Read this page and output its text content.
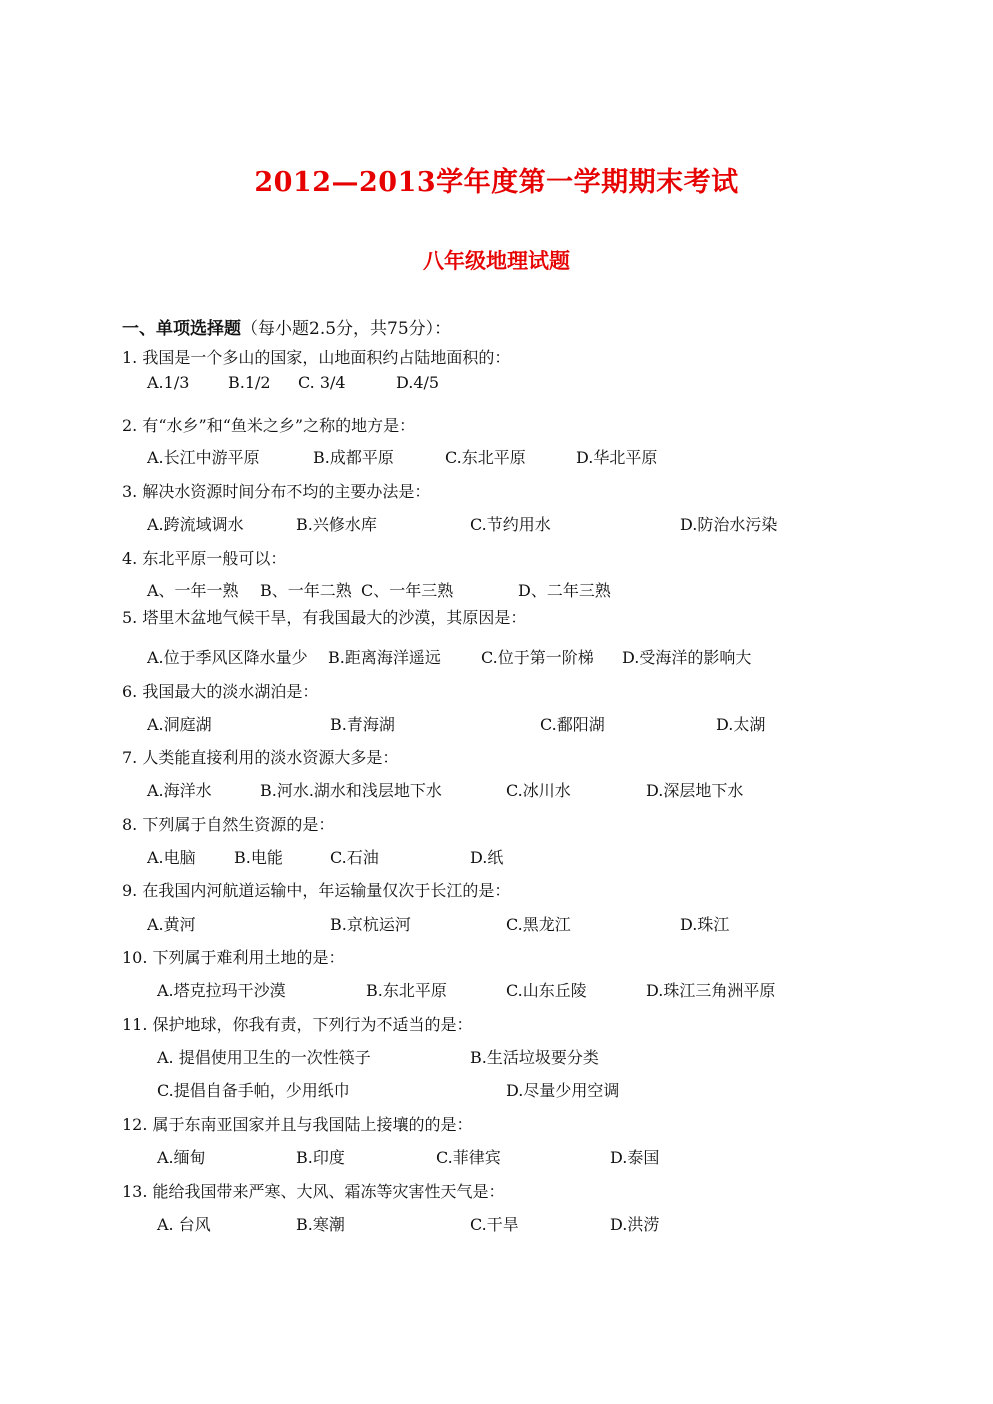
2012—2013学年度第一学期期末考试
八年级地理试题
一、单项选择题（每小题2.5分，共75分）：
1. 我国是一个多山的国家，山地面积约占陆地面积的：
A.1/3 B.1/2 C. 3/4	D.4/5
2. 有“水乡”和“鱼米之乡”之称的地方是：
A.长江中游平原	B.成都平原	C.东北平原	D.华北平原
3. 解决水资源时间分布不均的主要办法是：
A.跨流域调水	B.兴修水库	C.节约用水	D.防治水污染
4. 东北平原一般可以：
A、一年一熟 B、一年二熟 C、一年三熟	D、二年三熟
5. 塔里木盆地气候干旱，有我国最大的沙漠，其原因是：
A.位于季风区降水量少 B.距离海洋遥远	C.位于第一阶梯 D.受海洋的影响大
6. 我国最大的淡水湖泊是：
A.洞庭湖	B.青海湖	C.鄱阳湖	D.太湖
7. 人类能直接利用的淡水资源大多是：
A.海洋水	B.河水.湖水和浅层地下水	C.冰川水	D.深层地下水
8. 下列属于自然生资源的是：
A.电脑 B.电能	C.石油	D.纸
9. 在我国内河航道运输中，年运输量仅次于长江的是：
A.黄河	B.京杭运河	C.黑龙江	D.珠江
10. 下列属于难利用土地的是：
A.塔克拉玛干沙漠	B.东北平原	C.山东丘陵	D.珠江三角洲平原
11. 保护地球，你我有责，下列行为不适当的是：
A. 提倡使用卫生的一次性筷子	B.生活垃圾要分类
C.提倡自备手帕，少用纸巾	D.尽量少用空调
12. 属于东南亚国家并且与我国陆上接壤的的是：
A.缅甸	B.印度	C.菲律宾	D.泰国
13. 能给我国带来严寒、大风、霜冻等灾害性天气是：
A. 台风	B.寒潮	C.干旱	D.洪涝
